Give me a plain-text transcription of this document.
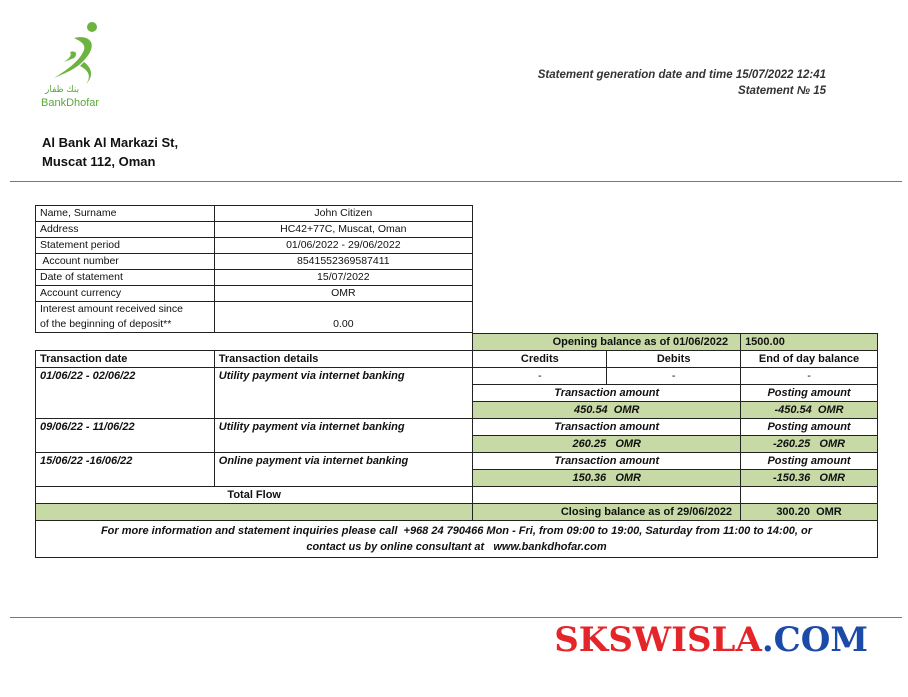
بنك ظفار
BankDhofar
Statement generation date and time 15/07/2022 12:41
Statement № 15
Al Bank Al Markazi St,
Muscat 112, Oman
Name, Surname	John Citizen
Address	HC42+77C, Muscat, Oman
Statement period	01/06/2022 - 29/06/2022
Account number	8541552369587411
Date of statement	15/07/2022
Account currency	OMR

Interest amount received since
of the beginning of deposit**	0.00
		Opening balance as of 01/06/2022		1500.00
Transaction date	Transaction details	Credits	Debits	End of day balance
01/06/22 - 02/06/22	Utility payment via internet banking	-	-	-
		Transaction amount		Posting amount
		450.54  OMR		-450.54  OMR
09/06/22 - 11/06/22	Utility payment via internet banking	Transaction amount		Posting amount
		260.25   OMR		-260.25   OMR
15/06/22 -16/06/22	Online payment via internet banking	Transaction amount		Posting amount
		150.36   OMR		-150.36   OMR
Total Flow				
		Closing balance as of 29/06/2022		300.20  OMR

For more information and statement inquiries please call  +968 24 790466 Mon - Fri, from 09:00 to 19:00, Saturday from 11:00 to 14:00, or
contact us by online consultant at   www.bankdhofar.com				
SKSWISLA.COM
